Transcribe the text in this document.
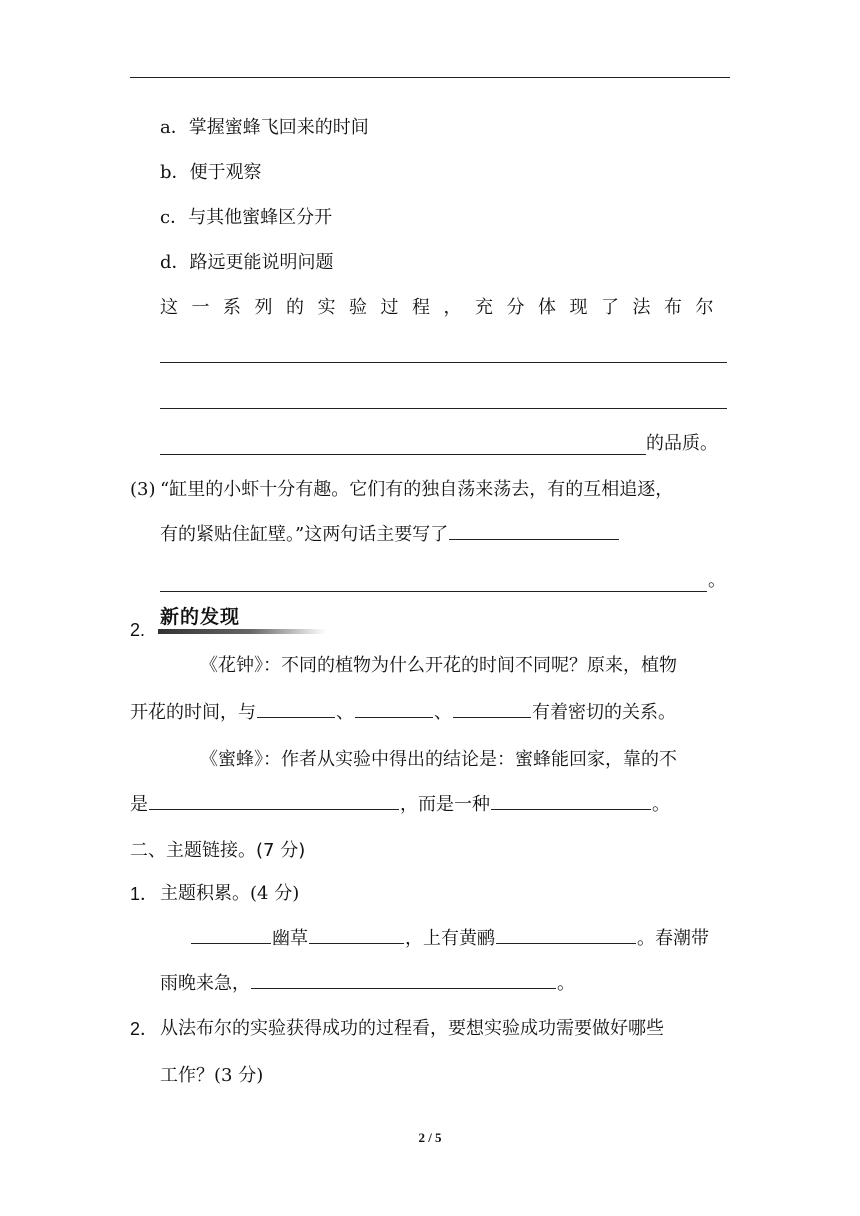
a．掌握蜜蜂飞回来的时间
b．便于观察
c．与其他蜜蜂区分开
d．路远更能说明问题
这一系列的实验过程，充分体现了法布尔
的品质。
(3) “缸里的小虾十分有趣。它们有的独自荡来荡去，有的互相追逐，
有的紧贴住缸壁。”这两句话主要写了
。
2.
新的发现
《花钟》：不同的植物为什么开花的时间不同呢？原来，植物
开花的时间，与	、	、	有着密切的关系。
《蜜蜂》：作者从实验中得出的结论是：蜜蜂能回家，靠的不
是	，而是一种	。
二、主题链接。(7 分)
1． 主题积累。(4 分)
幽草	，上有黄鹂	。春潮带
雨晚来急，	。
2． 从法布尔的实验获得成功的过程看，要想实验成功需要做好哪些
工作？(3 分)
2 / 5
